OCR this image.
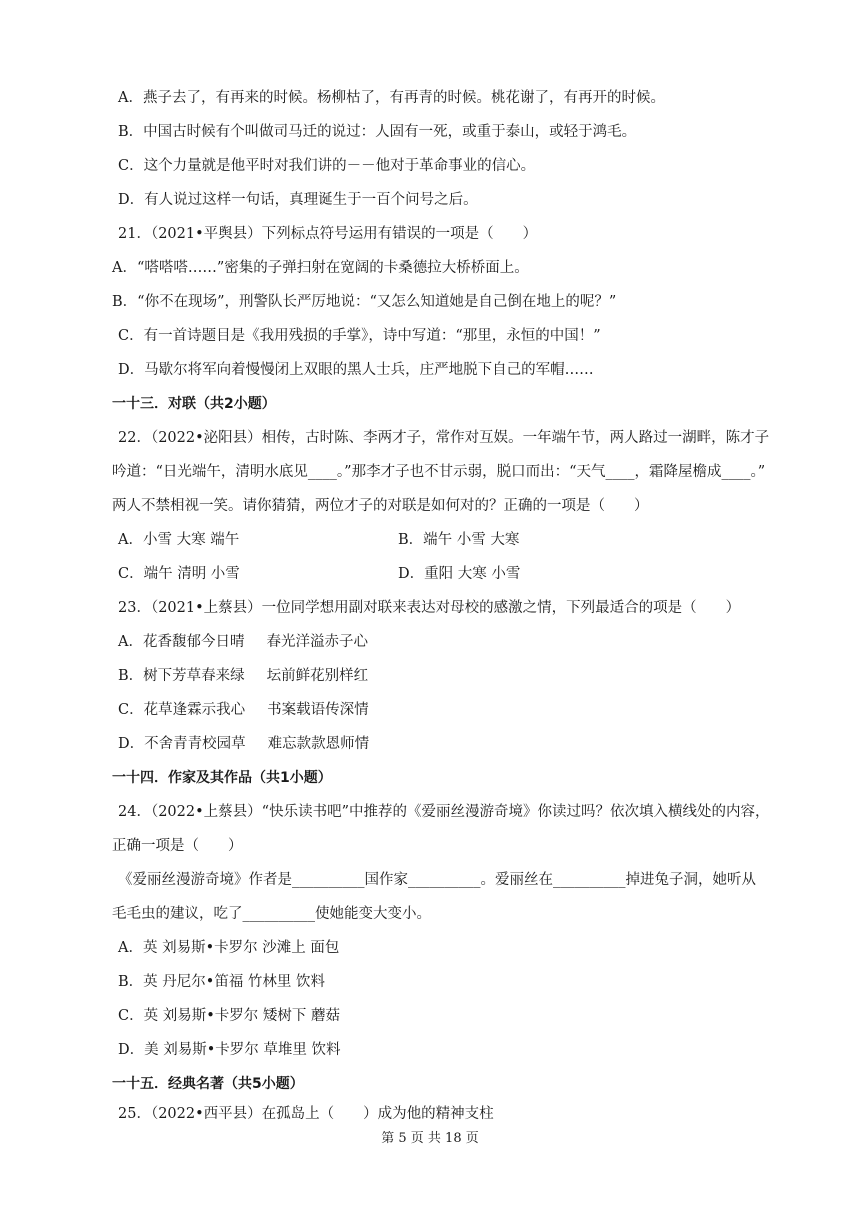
A．燕子去了，有再来的时候。杨柳枯了，有再青的时候。桃花谢了，有再开的时候。
B．中国古时候有个叫做司马迁的说过：人固有一死，或重于泰山，或轻于鸿毛。
C．这个力量就是他平时对我们讲的－－他对于革命事业的信心。
D．有人说过这样一句话，真理诞生于一百个问号之后。
21．（2021•平舆县）下列标点符号运用有错误的一项是（　　）
A．“嗒嗒嗒……”密集的子弹扫射在宽阔的卡桑德拉大桥桥面上。
B．“你不在现场”，刑警队长严厉地说：“又怎么知道她是自己倒在地上的呢？”
C．有一首诗题目是《我用残损的手掌》，诗中写道：“那里，永恒的中国！”
D．马歇尔将军向着慢慢闭上双眼的黑人士兵，庄严地脱下自己的军帽……
一十三．对联（共2小题）
22．（2022•泌阳县）相传，古时陈、李两才子，常作对互娱。一年端午节，两人路过一湖畔，陈才子
吟道：“日光端午，清明水底见____。”那李才子也不甘示弱，脱口而出：“天气____，霜降屋檐成____。”
两人不禁相视一笑。请你猜猜，两位才子的对联是如何对的？正确的一项是（　　）
A．小雪 大寒 端午	B．端午 小雪 大寒
C．端午 清明 小雪	D．重阳 大寒 小雪
23．（2021•上蔡县）一位同学想用副对联来表达对母校的感激之情，下列最适合的项是（　　）
A．花香馥郁今日晴 春光洋溢赤子心
B．树下芳草春来绿 坛前鲜花别样红
C．花草逢霖示我心 书案载语传深情
D．不舍青青校园草 难忘款款恩师情
一十四．作家及其作品（共1小题）
24．（2022•上蔡县）“快乐读书吧”中推荐的《爱丽丝漫游奇境》你读过吗？依次填入横线处的内容，
正确一项是（　　）
《爱丽丝漫游奇境》作者是__________国作家__________。爱丽丝在__________掉进兔子洞，她听从
毛毛虫的建议，吃了__________使她能变大变小。
A．英 刘易斯•卡罗尔 沙滩上 面包
B．英 丹尼尔•笛福 竹林里 饮料
C．英 刘易斯•卡罗尔 矮树下 蘑菇
D．美 刘易斯•卡罗尔 草堆里 饮料
一十五．经典名著（共5小题）
25．（2022•西平县）在孤岛上（　　）成为他的精神支柱
第 5 页 共 18 页
